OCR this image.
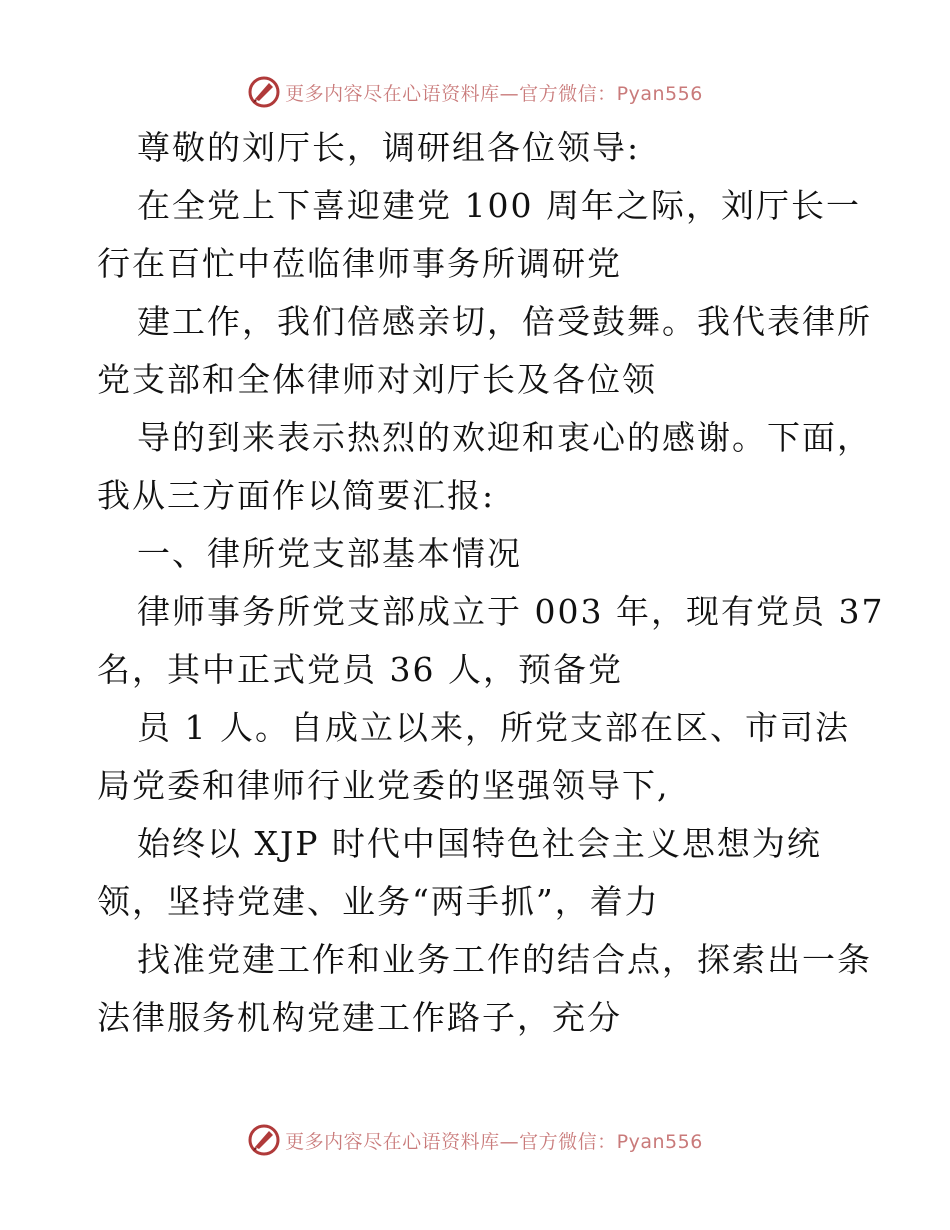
更多内容尽在心语资料库—官方微信：Pyan556
尊敬的刘厅长，调研组各位领导:
在全党上下喜迎建党 100 周年之际，刘厅长一
行在百忙中莅临律师事务所调研党
建工作，我们倍感亲切，倍受鼓舞。我代表律所
党支部和全体律师对刘厅长及各位领
导的到来表示热烈的欢迎和衷心的感谢。下面，
我从三方面作以简要汇报:
一、律所党支部基本情况
律师事务所党支部成立于 003 年，现有党员 37
名，其中正式党员 36 人，预备党
员 1 人。自成立以来，所党支部在区、市司法
局党委和律师行业党委的坚强领导下,
始终以 XJP 时代中国特色社会主义思想为统
领，坚持党建、业务“两手抓”，着力
找准党建工作和业务工作的结合点，探索出一条
法律服务机构党建工作路子，充分
更多内容尽在心语资料库—官方微信：Pyan556
